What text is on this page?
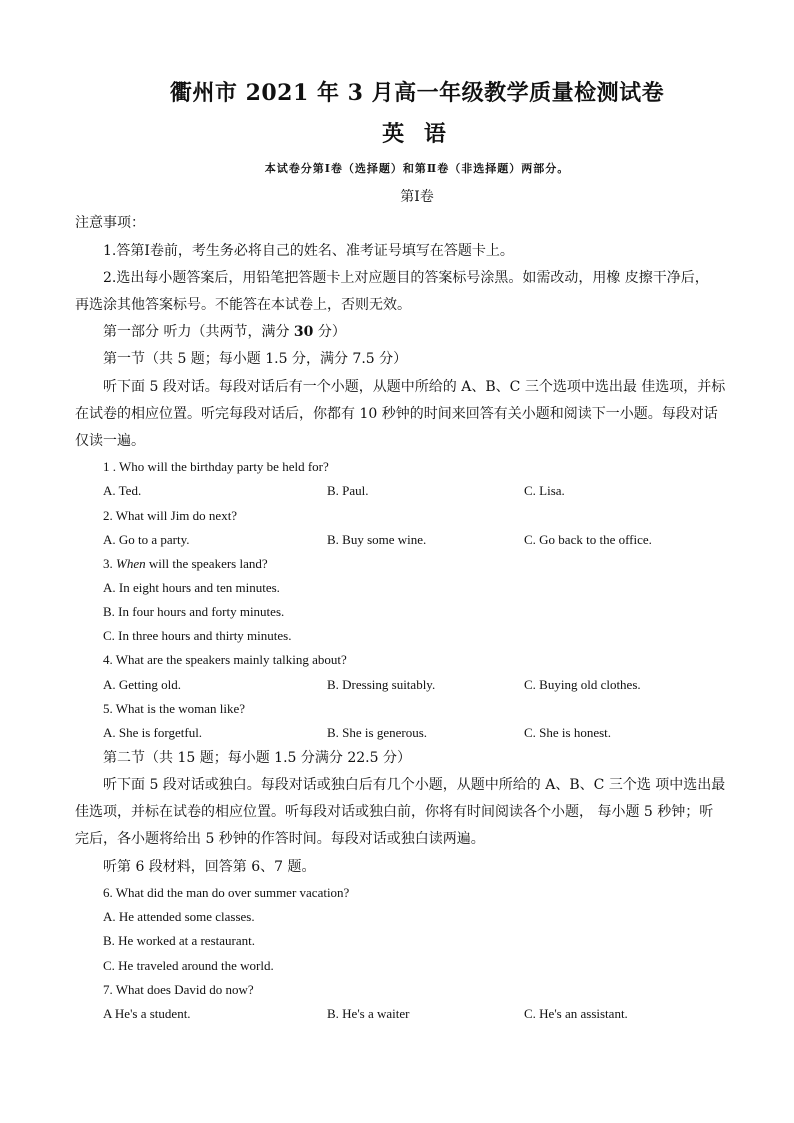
衢州市 2021 年 3 月高一年级教学质量检测试卷
英 语
本试卷分第Ⅰ卷（选择题）和第Ⅱ卷（非选择题）两部分。
第Ⅰ卷
注意事项：
1.答第Ⅰ卷前，考生务必将自己的姓名、准考证号填写在答题卡上。
2.选出每小题答案后，用铅笔把答题卡上对应题目的答案标号涂黑。如需改动，用橡 皮擦干净后，
再选涂其他答案标号。不能答在本试卷上，否则无效。
第一部分 听力（共两节，满分 30 分）
第一节（共 5 题；每小题 1.5 分，满分 7.5 分）
听下面 5 段对话。每段对话后有一个小题，从题中所给的 A、B、C 三个选项中选出最 佳选项，并标
在试卷的相应位置。听完每段对话后，你都有 10 秒钟的时间来回答有关小题和阅读下一小题。每段对话
仅读一遍。
1 . Who will the birthday party be held for?
A. Ted.	B. Paul.	C. Lisa.
2. What will Jim do next?
A. Go to a party.	B. Buy some wine.	C. Go back to the office.
3. When will the speakers land?
A. In eight hours and ten minutes.
B. In four hours and forty minutes.
C. In three hours and thirty minutes.
4. What are the speakers mainly talking about?
A. Getting old.	B. Dressing suitably.	C. Buying old clothes.
5. What is the woman like?
A. She is forgetful.	B. She is generous.	C. She is honest.
第二节（共 15 题；每小题 1.5 分满分 22.5 分）
听下面 5 段对话或独白。每段对话或独白后有几个小题，从题中所给的 A、B、C 三个选 项中选出最
佳选项，并标在试卷的相应位置。听每段对话或独白前，你将有时间阅读各个小题， 每小题 5 秒钟；听
完后，各小题将给出 5 秒钟的作答时间。每段对话或独白读两遍。
听第 6 段材料，回答第 6、7 题。
6. What did the man do over summer vacation?
A. He attended some classes.
B. He worked at a restaurant.
C. He traveled around the world.
7. What does David do now?
A He's a student.	B. He's a waiter	C. He's an assistant.
